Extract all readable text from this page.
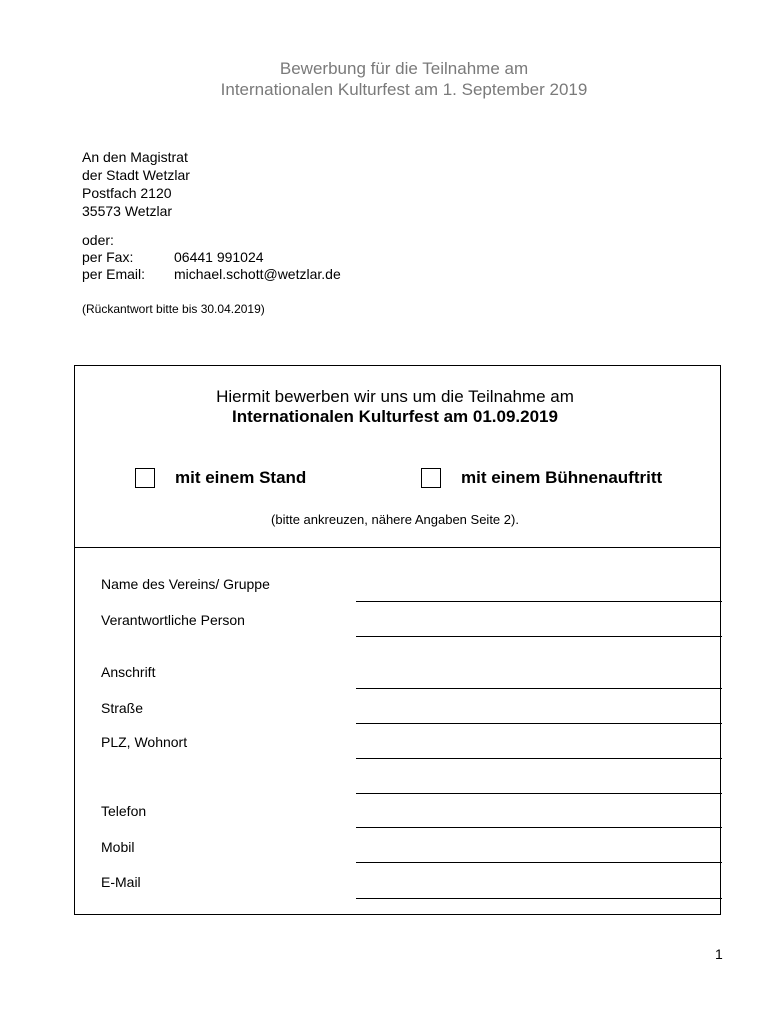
Bewerbung für die Teilnahme am
Internationalen Kulturfest am 1. September 2019
An den Magistrat
der Stadt Wetzlar
Postfach 2120
35573 Wetzlar
oder:
per Fax:	06441 991024
per Email:	michael.schott@wetzlar.de
(Rückantwort bitte bis 30.04.2019)
Hiermit bewerben wir uns um die Teilnahme am
Internationalen Kulturfest am 01.09.2019
mit einem Stand	mit einem Bühnenauftritt
(bitte ankreuzen, nähere Angaben Seite 2).
Name des Vereins/ Gruppe
Verantwortliche Person
Anschrift
Straße
PLZ, Wohnort
Telefon
Mobil
E-Mail
1
